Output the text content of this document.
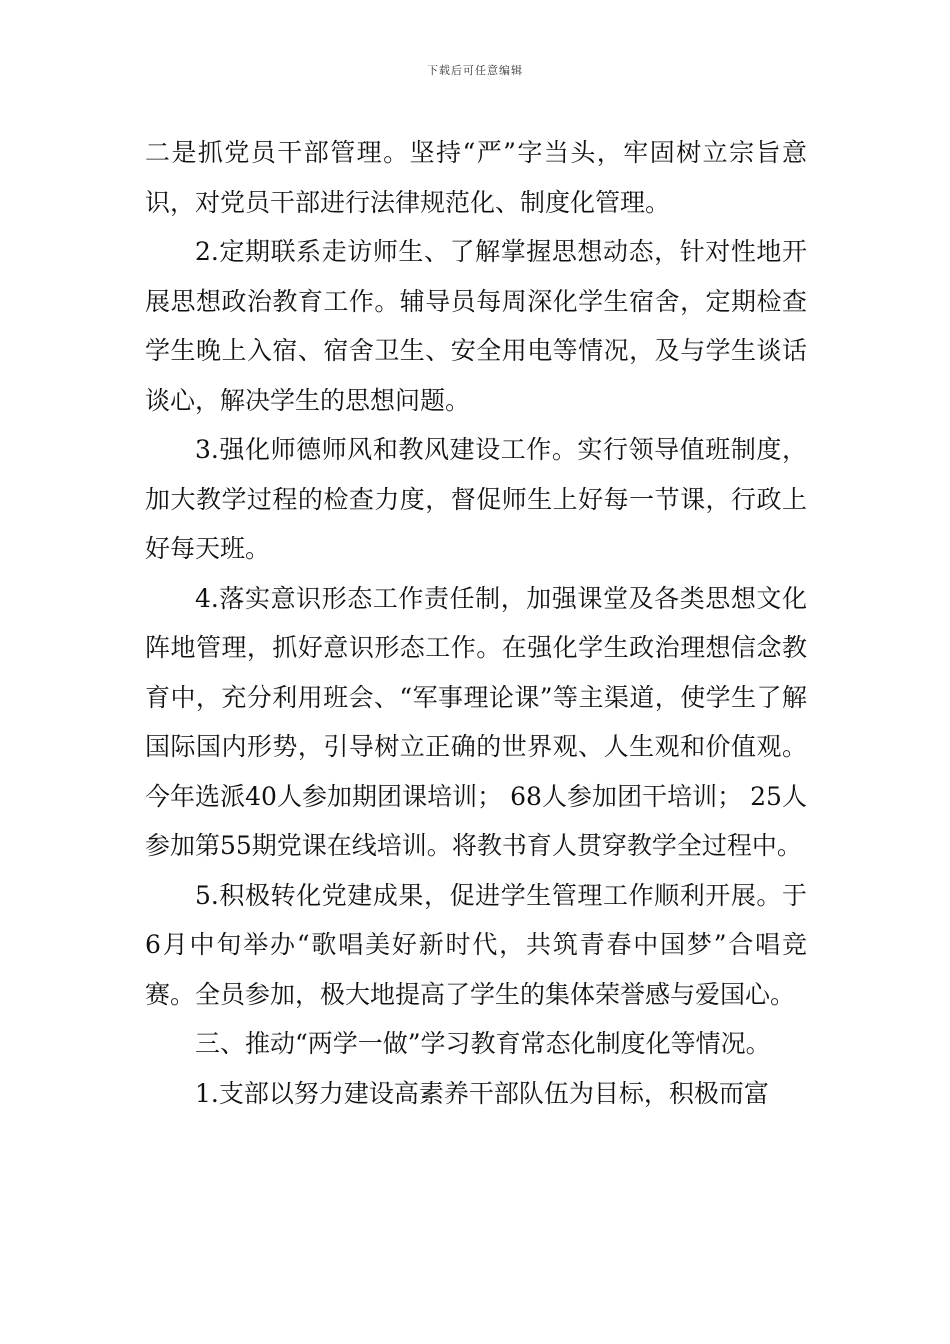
下载后可任意编辑

二是抓党员干部管理。坚持“严”字当头，牢固树立宗旨意识，对党员干部进行法律规范化、制度化管理。

2.定期联系走访师生、了解掌握思想动态，针对性地开展思想政治教育工作。辅导员每周深化学生宿舍，定期检查学生晚上入宿、宿舍卫生、安全用电等情况，及与学生谈话谈心，解决学生的思想问题。

3.强化师德师风和教风建设工作。实行领导值班制度，加大教学过程的检查力度，督促师生上好每一节课，行政上好每天班。

4.落实意识形态工作责任制，加强课堂及各类思想文化阵地管理，抓好意识形态工作。在强化学生政治理想信念教育中，充分利用班会、“军事理论课”等主渠道，使学生了解国际国内形势，引导树立正确的世界观、人生观和价值观。今年选派40人参加期团课培训； 68人参加团干培训； 25人参加第55期党课在线培训。将教书育人贯穿教学全过程中。

5.积极转化党建成果，促进学生管理工作顺利开展。于6月中旬举办“歌唱美好新时代，共筑青春中国梦”合唱竞赛。全员参加，极大地提高了学生的集体荣誉感与爱国心。

三、推动“两学一做”学习教育常态化制度化等情况。

1.支部以努力建设高素养干部队伍为目标，积极而富
